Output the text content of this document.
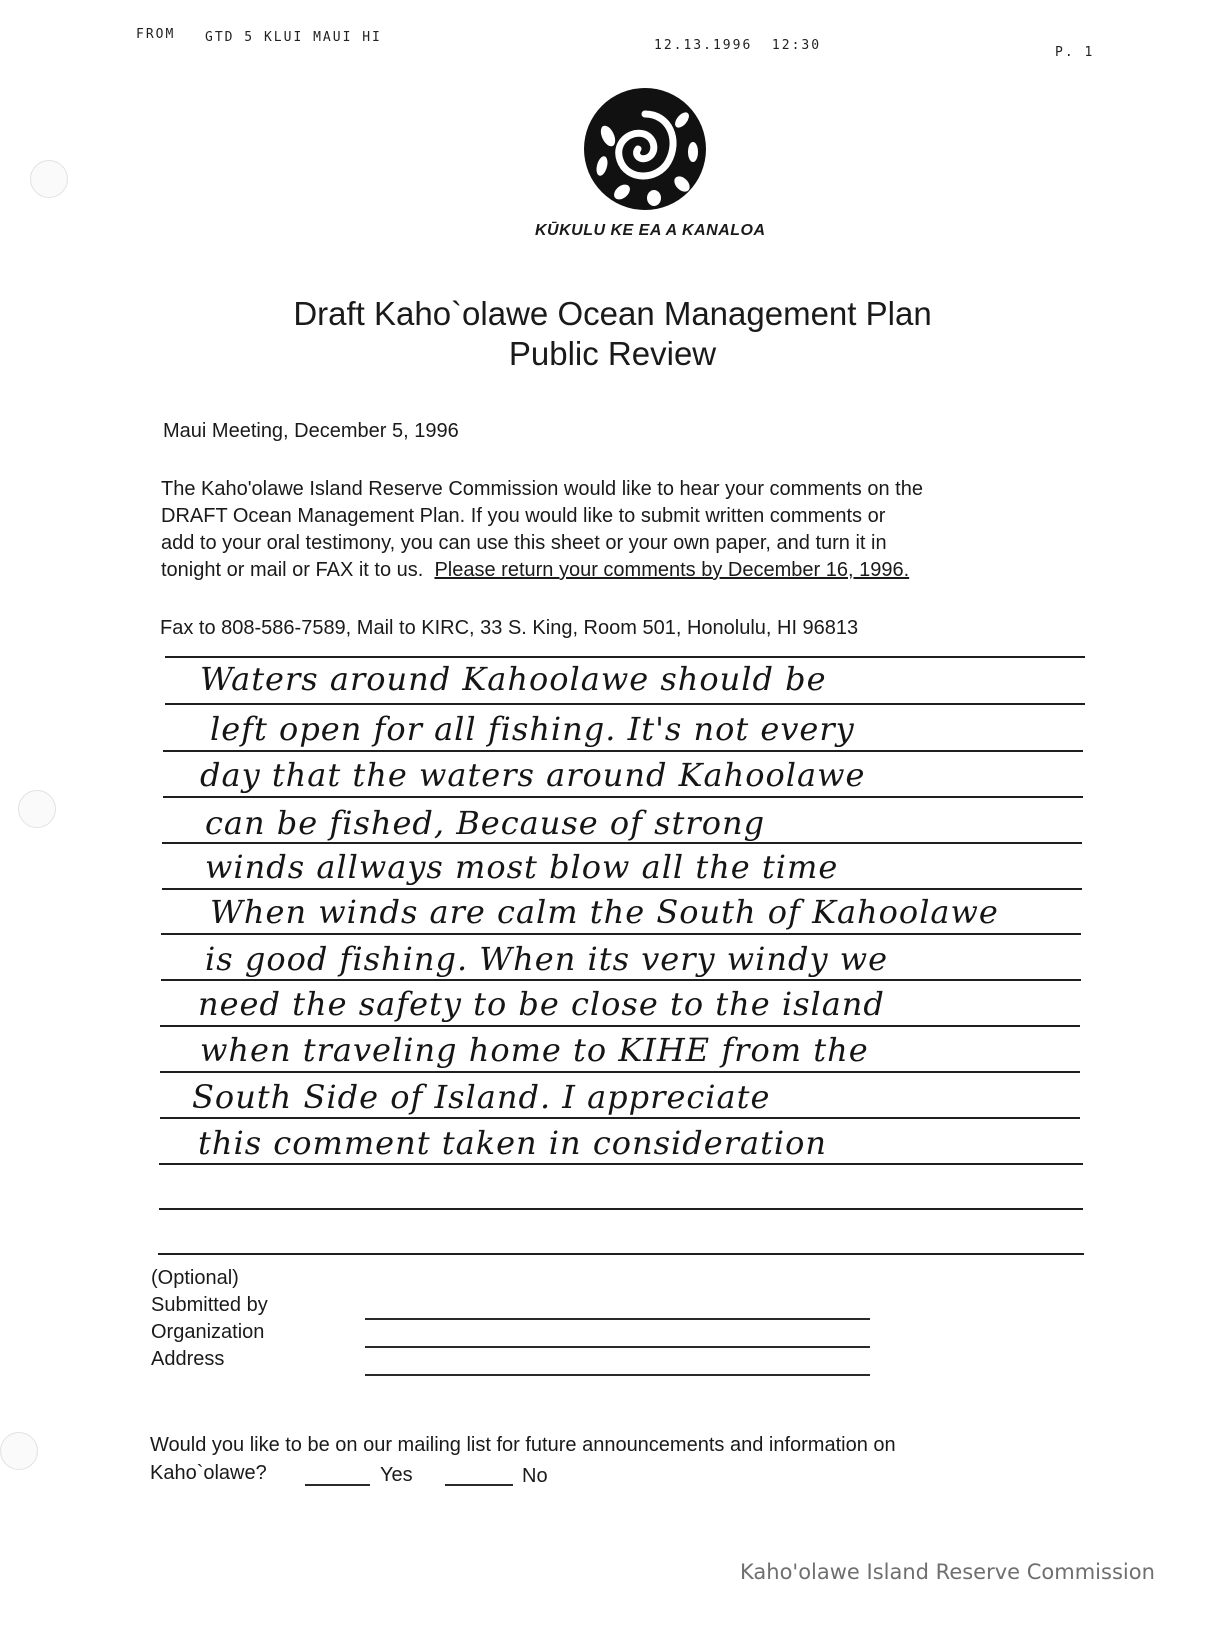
FROM GTD 5 KLUI MAUI HI
12.13.1996  12:30	P. 1
KŪKULU KE EA A KANALOA
Draft Kaho`olawe Ocean Management Plan
Public Review
Maui Meeting, December 5, 1996
The Kaho'olawe Island Reserve Commission would like to hear your comments on the
DRAFT Ocean Management Plan. If you would like to submit written comments or
add to your oral testimony, you can use this sheet or your own paper, and turn it in
tonight or mail or FAX it to us.  Please return your comments by December 16, 1996.
Fax to 808-586-7589, Mail to KIRC, 33 S. King, Room 501, Honolulu, HI 96813
Waters around Kahoolawe should be
left open for all fishing. It's not every
day that the waters around Kahoolawe
can be fished, Because of strong
winds allways most blow all the time
When winds are calm the South of Kahoolawe
is good fishing. When its very windy we
need the safety to be close to the island
when traveling home to KIHE from the
South Side of Island. I appreciate
this comment taken in consideration
(Optional)
Submitted by
Organization
Address
Would you like to be on our mailing list for future announcements and information on
Kaho`olawe?	Yes	No
Kaho'olawe Island Reserve Commission
